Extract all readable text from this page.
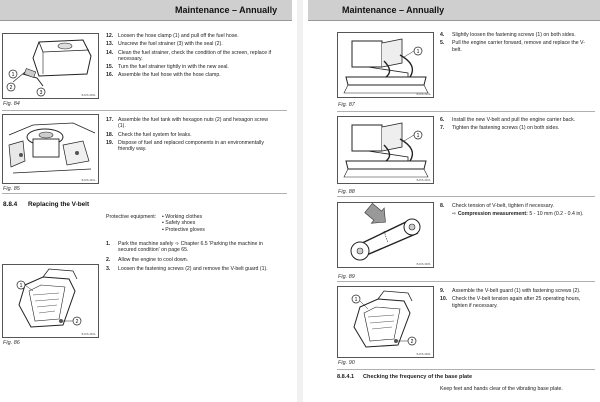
Maintenance – Annually
1
2
3	B-DIS-3300-
Fig. 84
12. Loosen the hose clamp (1) and pull off the fuel hose.
13. Unscrew the fuel strainer (3) with the seal (2).
14. Clean the fuel strainer, check the condition of the screen, replace if necessary.
15. Turn the fuel strainer tightly in with the new seal.
16. Assemble the fuel hose with the hose clamp.
B-DIS-3301-
Fig. 85
17. Assemble the fuel tank with hexagon nuts (2) and hexagon screw (1).
18. Check the fuel system for leaks.
19. Dispose of fuel and replaced components in an environmentally friendly way.
8.8.4 Replacing the V-belt
Protective equipment: ▪ Working clothes
▪ Safety shoes
▪ Protective gloves
1.	Park the machine safely ➩ Chapter 6.5 'Parking the machine in secured condition' on page 65.
2.	Allow the engine to cool down.
3.	Loosen the fastening screws (2) and remove the V-belt guard (1).
1
2
B-DIS-3302-
Fig. 86
Maintenance – Annually
1
B-DIS-3303-
Fig. 87
4.	Slightly loosen the fastening screws (1) on both sides.
5.	Pull the engine carrier forward, remove and replace the V-belt.
1
B-DIS-3304-
Fig. 88
6.	Install the new V-belt and pull the engine carrier back.
7.	Tighten the fastening screws (1) on both sides.
B-DIS-3305-
Fig. 89
8.	Check tension of V-belt, tighten if necessary.
⇨ Compression measurement: 5 - 10 mm (0.2 - 0.4 in).
1
2
B-DIS-3306-
Fig. 90
9.	Assemble the V-belt guard (1) with fastening screws (2).
10. Check the V-belt tension again after 25 operating hours, tighten if necessary.
8.8.4.1 Checking the frequency of the base plate
Keep feet and hands clear of the vibrating base plate.
